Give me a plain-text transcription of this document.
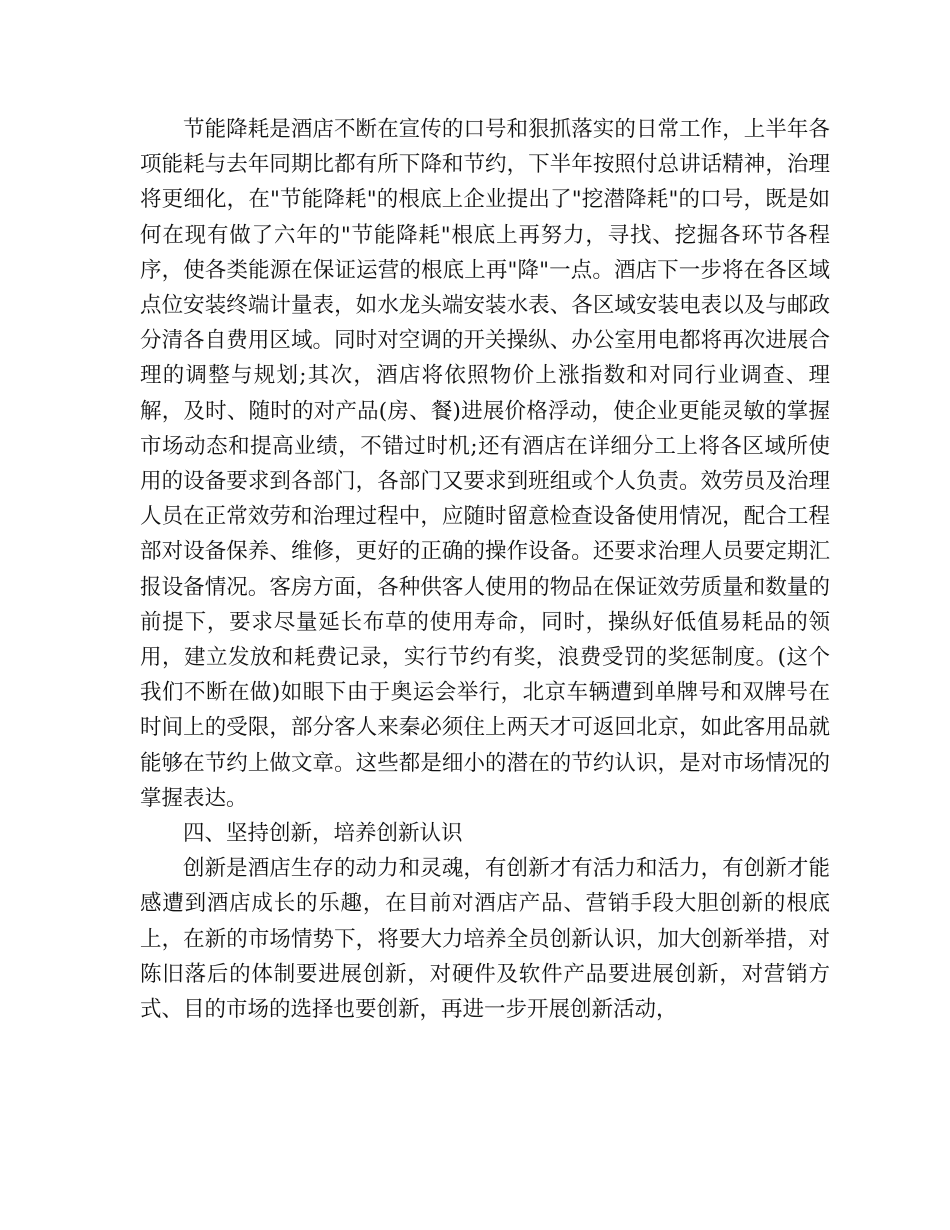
节能降耗是酒店不断在宣传的口号和狠抓落实的日常工作，上半年各项能耗与去年同期比都有所下降和节约，下半年按照付总讲话精神，治理将更细化，在"节能降耗"的根底上企业提出了"挖潜降耗"的口号，既是如何在现有做了六年的"节能降耗"根底上再努力，寻找、挖掘各环节各程序，使各类能源在保证运营的根底上再"降"一点。酒店下一步将在各区域点位安装终端计量表，如水龙头端安装水表、各区域安装电表以及与邮政分清各自费用区域。同时对空调的开关操纵、办公室用电都将再次进展合理的调整与规划;其次，酒店将依照物价上涨指数和对同行业调查、理解，及时、随时的对产品(房、餐)进展价格浮动，使企业更能灵敏的掌握市场动态和提高业绩，不错过时机;还有酒店在详细分工上将各区域所使用的设备要求到各部门，各部门又要求到班组或个人负责。效劳员及治理人员在正常效劳和治理过程中，应随时留意检查设备使用情况，配合工程部对设备保养、维修，更好的正确的操作设备。还要求治理人员要定期汇报设备情况。客房方面，各种供客人使用的物品在保证效劳质量和数量的前提下，要求尽量延长布草的使用寿命，同时，操纵好低值易耗品的领用，建立发放和耗费记录，实行节约有奖，浪费受罚的奖惩制度。(这个我们不断在做)如眼下由于奥运会举行，北京车辆遭到单牌号和双牌号在时间上的受限，部分客人来秦必须住上两天才可返回北京，如此客用品就能够在节约上做文章。这些都是细小的潜在的节约认识，是对市场情况的掌握表达。

四、坚持创新，培养创新认识

创新是酒店生存的动力和灵魂，有创新才有活力和活力，有创新才能感遭到酒店成长的乐趣，在目前对酒店产品、营销手段大胆创新的根底上，在新的市场情势下，将要大力培养全员创新认识，加大创新举措，对陈旧落后的体制要进展创新，对硬件及软件产品要进展创新，对营销方式、目的市场的选择也要创新，再进一步开展创新活动，
